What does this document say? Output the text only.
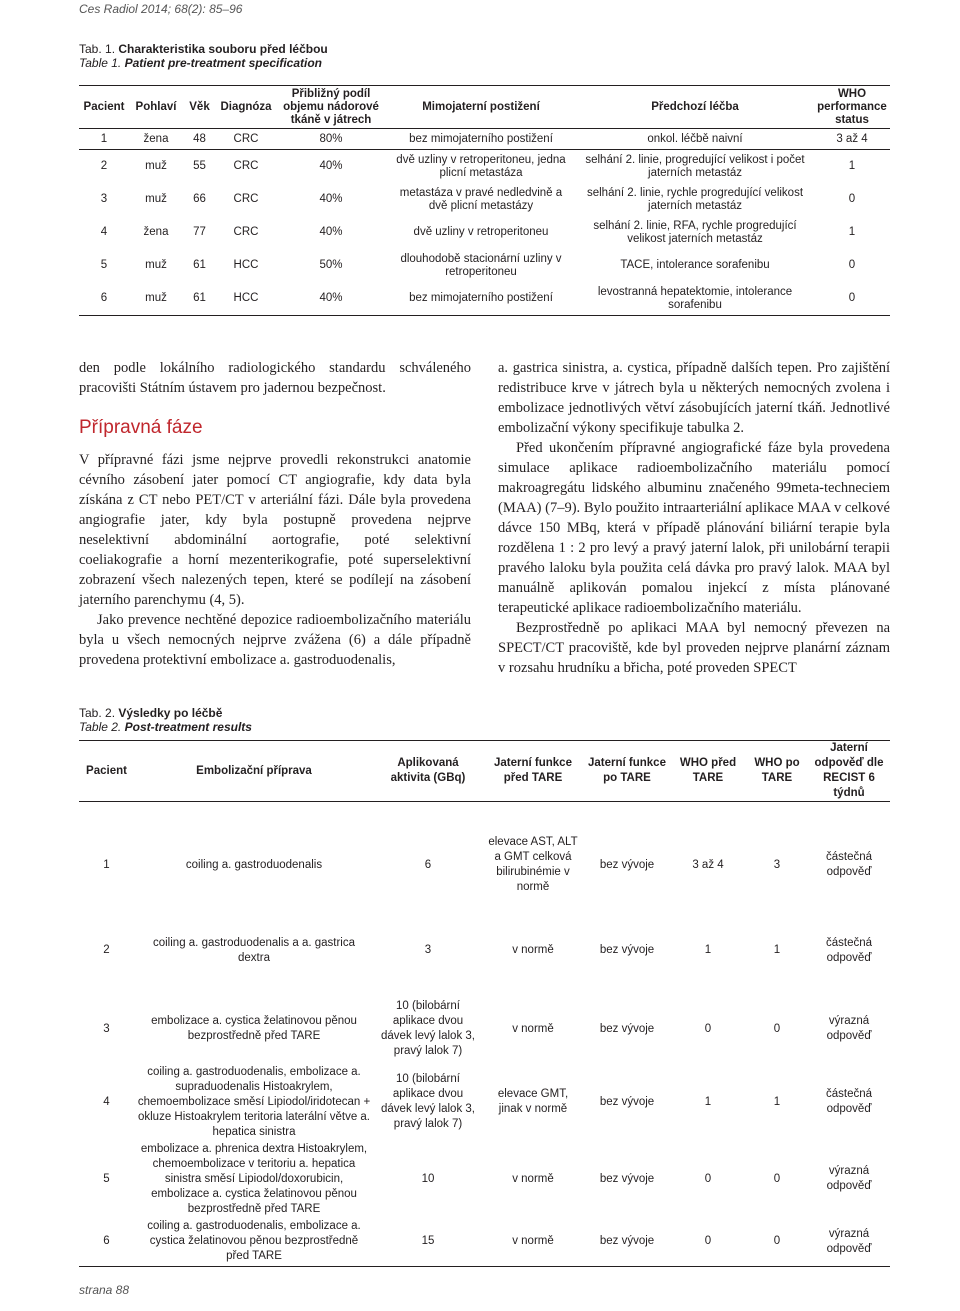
Ces Radiol 2014; 68(2): 85–96
Tab. 1. Charakteristika souboru před léčbou
Table 1. Patient pre-treatment specification
Pacient	Pohlaví	Věk	Diagnóza	Přibližný podíl objemu nádorové tkáně v játrech	Mimojaterní postižení	Předchozí léčba	WHO performance status
1	žena	48	CRC	80%	bez mimojaterního postižení	onkol. léčbě naivní	3 až 4
2	muž	55	CRC	40%	dvě uzliny v retroperitoneu, jedna plicní metastáza	selhání 2. linie, progredující velikost i počet jaterních metastáz	1
3	muž	66	CRC	40%	metastáza v pravé nedledvině a dvě plicní metastázy	selhání 2. linie, rychle progredující velikost jaterních metastáz	0
4	žena	77	CRC	40%	dvě uzliny v retroperitoneu	selhání 2. linie, RFA, rychle progredující velikost jaterních metastáz	1
5	muž	61	HCC	50%	dlouhodobě stacionární uzliny v retroperitoneu	TACE, intolerance sorafenibu	0
6	muž	61	HCC	40%	bez mimojaterního postižení	levostranná hepatektomie, intolerance sorafenibu	0

den podle lokálního radiologického standardu schváleného pracovišti Státním ústavem pro jadernou bezpečnost.

Přípravná fáze

V přípravné fázi jsme nejprve provedli rekonstrukci anatomie cévního zásobení jater pomocí CT angiografie, kdy data byla získána z CT nebo PET/CT v arteriální fázi. Dále byla provedena angiografie jater, kdy byla postupně provedena nejprve neselektivní abdominální aortografie, poté selektivní coeliakografie a horní mezenterikografie, poté superselektivní zobrazení všech nalezených tepen, které se podílejí na zásobení jaterního parenchymu (4, 5).

Jako prevence nechtěné depozice radioembolizačního materiálu byla u všech nemocných nejprve zvážena (6) a dále případně provedena protektivní embolizace a. gastroduodenalis,

a. gastrica sinistra, a. cystica, případně dalších tepen. Pro zajištění redistribuce krve v játrech byla u některých nemocných zvolena i embolizace jednotlivých větví zásobujících jaterní tkáň. Jednotlivé embolizační výkony specifikuje tabulka 2.

Před ukončením přípravné angiografické fáze byla provedena simulace aplikace radioembolizačního materiálu pomocí makroagregátu lidského albuminu značeného 99meta-techneciem (MAA) (7–9). Bylo použito intraarteriální aplikace MAA v celkové dávce 150 MBq, která v případě plánování biliární terapie byla rozdělena 1 : 2 pro levý a pravý jaterní lalok, při unilobární terapii pravého laloku byla použita celá dávka pro pravý lalok. MAA byl manuálně aplikován pomalou injekcí z místa plánované terapeutické aplikace radioembolizačního materiálu.

Bezprostředně po aplikaci MAA byl nemocný převezen na SPECT/CT pracoviště, kde byl proveden nejprve planární záznam v rozsahu hrudníku a břicha, poté proveden SPECT

Tab. 2. Výsledky po léčbě
Table 2. Post-treatment results
Pacient	Embolizační příprava	Aplikovaná aktivita (GBq)	Jaterní funkce před TARE	Jaterní funkce po TARE	WHO před TARE	WHO po TARE	Jaterní odpověď dle RECIST 6 týdnů

1	coiling a. gastroduodenalis	6	elevace AST, ALT a GMT celková bilirubinémie v normě	bez vývoje	3 až 4	3	částečná odpověď

2	coiling a. gastroduodenalis a a. gastrica dextra	3	v normě	bez vývoje	1	1	částečná odpověď

3	embolizace a. cystica želatinovou pěnou bezprostředně před TARE	10 (bilobární aplikace dvou dávek levý lalok 3, pravý lalok 7)	v normě	bez vývoje	0	0	výrazná odpověď
4	coiling a. gastroduodenalis, embolizace a. supraduodenalis Histoakrylem, chemoembolizace směsí Lipiodol/iridotecan + okluze Histoakrylem teritoria laterální větve a. hepatica sinistra	10 (bilobární aplikace dvou dávek levý lalok 3, pravý lalok 7)	elevace GMT, jinak v normě	bez vývoje	1	1	částečná odpověď
5	embolizace a. phrenica dextra Histoakrylem, chemoembolizace v teritoriu a. hepatica sinistra směsí Lipiodol/doxorubicin, embolizace a. cystica želatinovou pěnou bezprostředně před TARE	10	v normě	bez vývoje	0	0	výrazná odpověď
6	coiling a. gastroduodenalis, embolizace a. cystica želatinovou pěnou bezprostředně před TARE	15	v normě	bez vývoje	0	0	výrazná odpověď
strana 88
